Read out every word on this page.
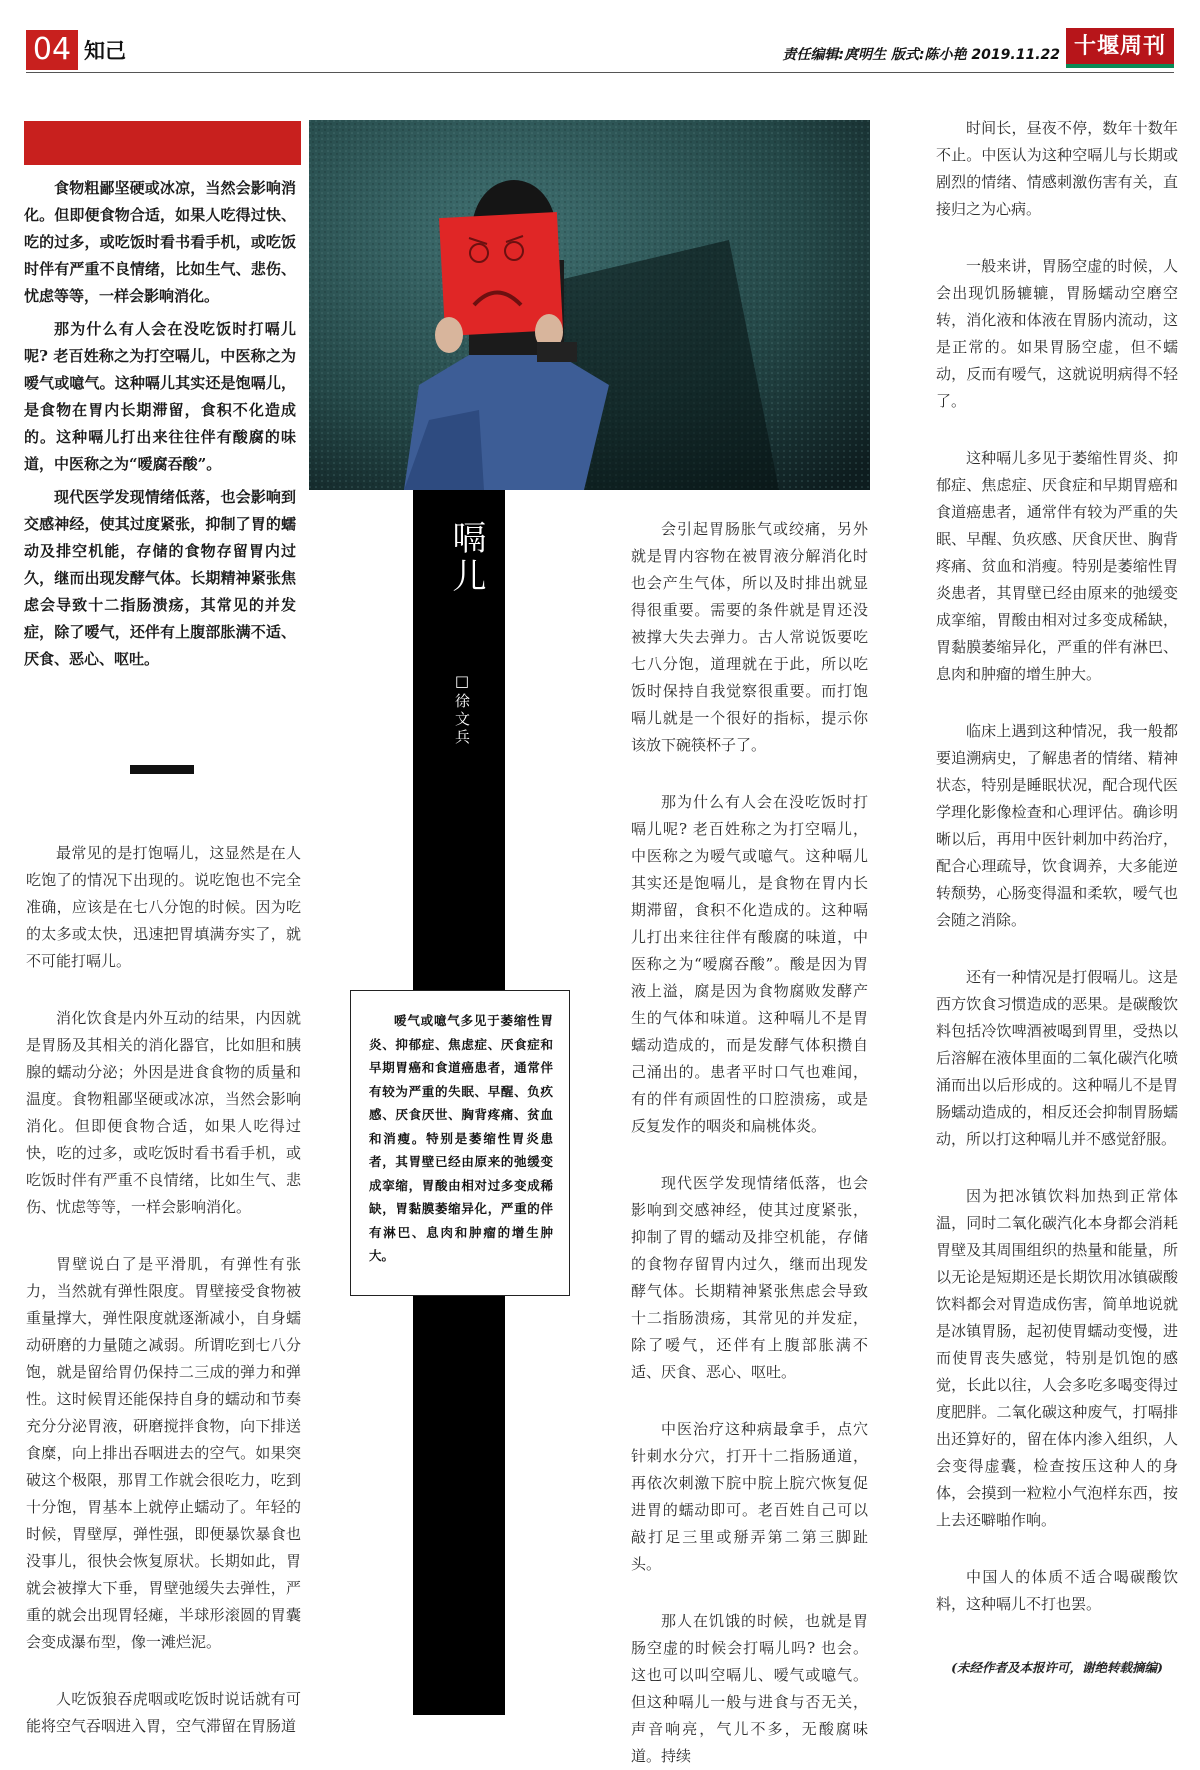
04 知己	责任编辑:庹明生 版式:陈小艳 2019.11.22 十堰周刊

食物粗鄙坚硬或冰凉，当然会影响消化。但即便食物合适，如果人吃得过快、吃的过多，或吃饭时看书看手机，或吃饭时伴有严重不良情绪，比如生气、悲伤、忧虑等等，一样会影响消化。

那为什么有人会在没吃饭时打嗝儿呢? 老百姓称之为打空嗝儿，中医称之为嗳气或噫气。这种嗝儿其实还是饱嗝儿，是食物在胃内长期滞留，食积不化造成的。这种嗝儿打出来往往伴有酸腐的味道，中医称之为“嗳腐吞酸”。

现代医学发现情绪低落，也会影响到交感神经，使其过度紧张，抑制了胃的蠕动及排空机能，存储的食物存留胃内过久，继而出现发酵气体。长期精神紧张焦虑会导致十二指肠溃疡，其常见的并发症，除了嗳气，还伴有上腹部胀满不适、厌食、恶心、呕吐。

最常见的是打饱嗝儿，这显然是在人吃饱了的情况下出现的。说吃饱也不完全准确，应该是在七八分饱的时候。因为吃的太多或太快，迅速把胃填满夯实了，就不可能打嗝儿。

消化饮食是内外互动的结果，内因就是胃肠及其相关的消化器官，比如胆和胰腺的蠕动分泌；外因是进食食物的质量和温度。食物粗鄙坚硬或冰凉，当然会影响消化。但即便食物合适，如果人吃得过快，吃的过多，或吃饭时看书看手机，或吃饭时伴有严重不良情绪，比如生气、悲伤、忧虑等等，一样会影响消化。

胃壁说白了是平滑肌，有弹性有张力，当然就有弹性限度。胃壁接受食物被重量撑大，弹性限度就逐渐减小，自身蠕动研磨的力量随之减弱。所谓吃到七八分饱，就是留给胃仍保持二三成的弹力和弹性。这时候胃还能保持自身的蠕动和节奏充分分泌胃液，研磨搅拌食物，向下排送食糜，向上排出吞咽进去的空气。如果突破这个极限，那胃工作就会很吃力，吃到十分饱，胃基本上就停止蠕动了。年轻的时候，胃壁厚，弹性强，即便暴饮暴食也没事儿，很快会恢复原状。长期如此，胃就会被撑大下垂，胃壁弛缓失去弹性，严重的就会出现胃轻瘫，半球形滚圆的胃囊会变成瀑布型，像一滩烂泥。

人吃饭狼吞虎咽或吃饭时说话就有可能将空气吞咽进入胃，空气滞留在胃肠道

嗝儿
□徐文兵
嗳气或噫气多见于萎缩性胃炎、抑郁症、焦虑症、厌食症和早期胃癌和食道癌患者，通常伴有较为严重的失眠、早醒、负疚感、厌食厌世、胸背疼痛、贫血和消瘦。特别是萎缩性胃炎患者，其胃壁已经由原来的弛缓变成挛缩，胃酸由相对过多变成稀缺，胃黏膜萎缩异化，严重的伴有淋巴、息肉和肿瘤的增生肿大。

会引起胃肠胀气或绞痛，另外就是胃内容物在被胃液分解消化时也会产生气体，所以及时排出就显得很重要。需要的条件就是胃还没被撑大失去弹力。古人常说饭要吃七八分饱，道理就在于此，所以吃饭时保持自我觉察很重要。而打饱嗝儿就是一个很好的指标，提示你该放下碗筷杯子了。

那为什么有人会在没吃饭时打嗝儿呢? 老百姓称之为打空嗝儿，中医称之为嗳气或噫气。这种嗝儿其实还是饱嗝儿，是食物在胃内长期滞留，食积不化造成的。这种嗝儿打出来往往伴有酸腐的味道，中医称之为“嗳腐吞酸”。酸是因为胃液上溢，腐是因为食物腐败发酵产生的气体和味道。这种嗝儿不是胃蠕动造成的，而是发酵气体积攒自己涌出的。患者平时口气也难闻，有的伴有顽固性的口腔溃疡，或是反复发作的咽炎和扁桃体炎。

现代医学发现情绪低落，也会影响到交感神经，使其过度紧张，抑制了胃的蠕动及排空机能，存储的食物存留胃内过久，继而出现发酵气体。长期精神紧张焦虑会导致十二指肠溃疡，其常见的并发症，除了嗳气，还伴有上腹部胀满不适、厌食、恶心、呕吐。

中医治疗这种病最拿手，点穴针刺水分穴，打开十二指肠通道，再依次刺激下脘中脘上脘穴恢复促进胃的蠕动即可。老百姓自己可以敲打足三里或掰弄第二第三脚趾头。

那人在饥饿的时候，也就是胃肠空虚的时候会打嗝儿吗? 也会。这也可以叫空嗝儿、嗳气或噫气。但这种嗝儿一般与进食与否无关，声音响亮，气儿不多，无酸腐味道。持续

时间长，昼夜不停，数年十数年不止。中医认为这种空嗝儿与长期或剧烈的情绪、情感刺激伤害有关，直接归之为心病。

一般来讲，胃肠空虚的时候，人会出现饥肠辘辘，胃肠蠕动空磨空转，消化液和体液在胃肠内流动，这是正常的。如果胃肠空虚，但不蠕动，反而有嗳气，这就说明病得不轻了。

这种嗝儿多见于萎缩性胃炎、抑郁症、焦虑症、厌食症和早期胃癌和食道癌患者，通常伴有较为严重的失眠、早醒、负疚感、厌食厌世、胸背疼痛、贫血和消瘦。特别是萎缩性胃炎患者，其胃壁已经由原来的弛缓变成挛缩，胃酸由相对过多变成稀缺，胃黏膜萎缩异化，严重的伴有淋巴、息肉和肿瘤的增生肿大。

临床上遇到这种情况，我一般都要追溯病史，了解患者的情绪、精神状态，特别是睡眠状况，配合现代医学理化影像检查和心理评估。确诊明晰以后，再用中医针刺加中药治疗，配合心理疏导，饮食调养，大多能逆转颓势，心肠变得温和柔软，嗳气也会随之消除。

还有一种情况是打假嗝儿。这是西方饮食习惯造成的恶果。是碳酸饮料包括冷饮啤酒被喝到胃里，受热以后溶解在液体里面的二氧化碳汽化喷涌而出以后形成的。这种嗝儿不是胃肠蠕动造成的，相反还会抑制胃肠蠕动，所以打这种嗝儿并不感觉舒服。

因为把冰镇饮料加热到正常体温，同时二氧化碳汽化本身都会消耗胃壁及其周围组织的热量和能量，所以无论是短期还是长期饮用冰镇碳酸饮料都会对胃造成伤害，简单地说就是冰镇胃肠，起初使胃蠕动变慢，进而使胃丧失感觉，特别是饥饱的感觉，长此以往，人会多吃多喝变得过度肥胖。二氧化碳这种废气，打嗝排出还算好的，留在体内渗入组织，人会变得虚囊，检查按压这种人的身体，会摸到一粒粒小气泡样东西，按上去还噼啪作响。

中国人的体质不适合喝碳酸饮料，这种嗝儿不打也罢。

(未经作者及本报许可，谢绝转载摘编)
